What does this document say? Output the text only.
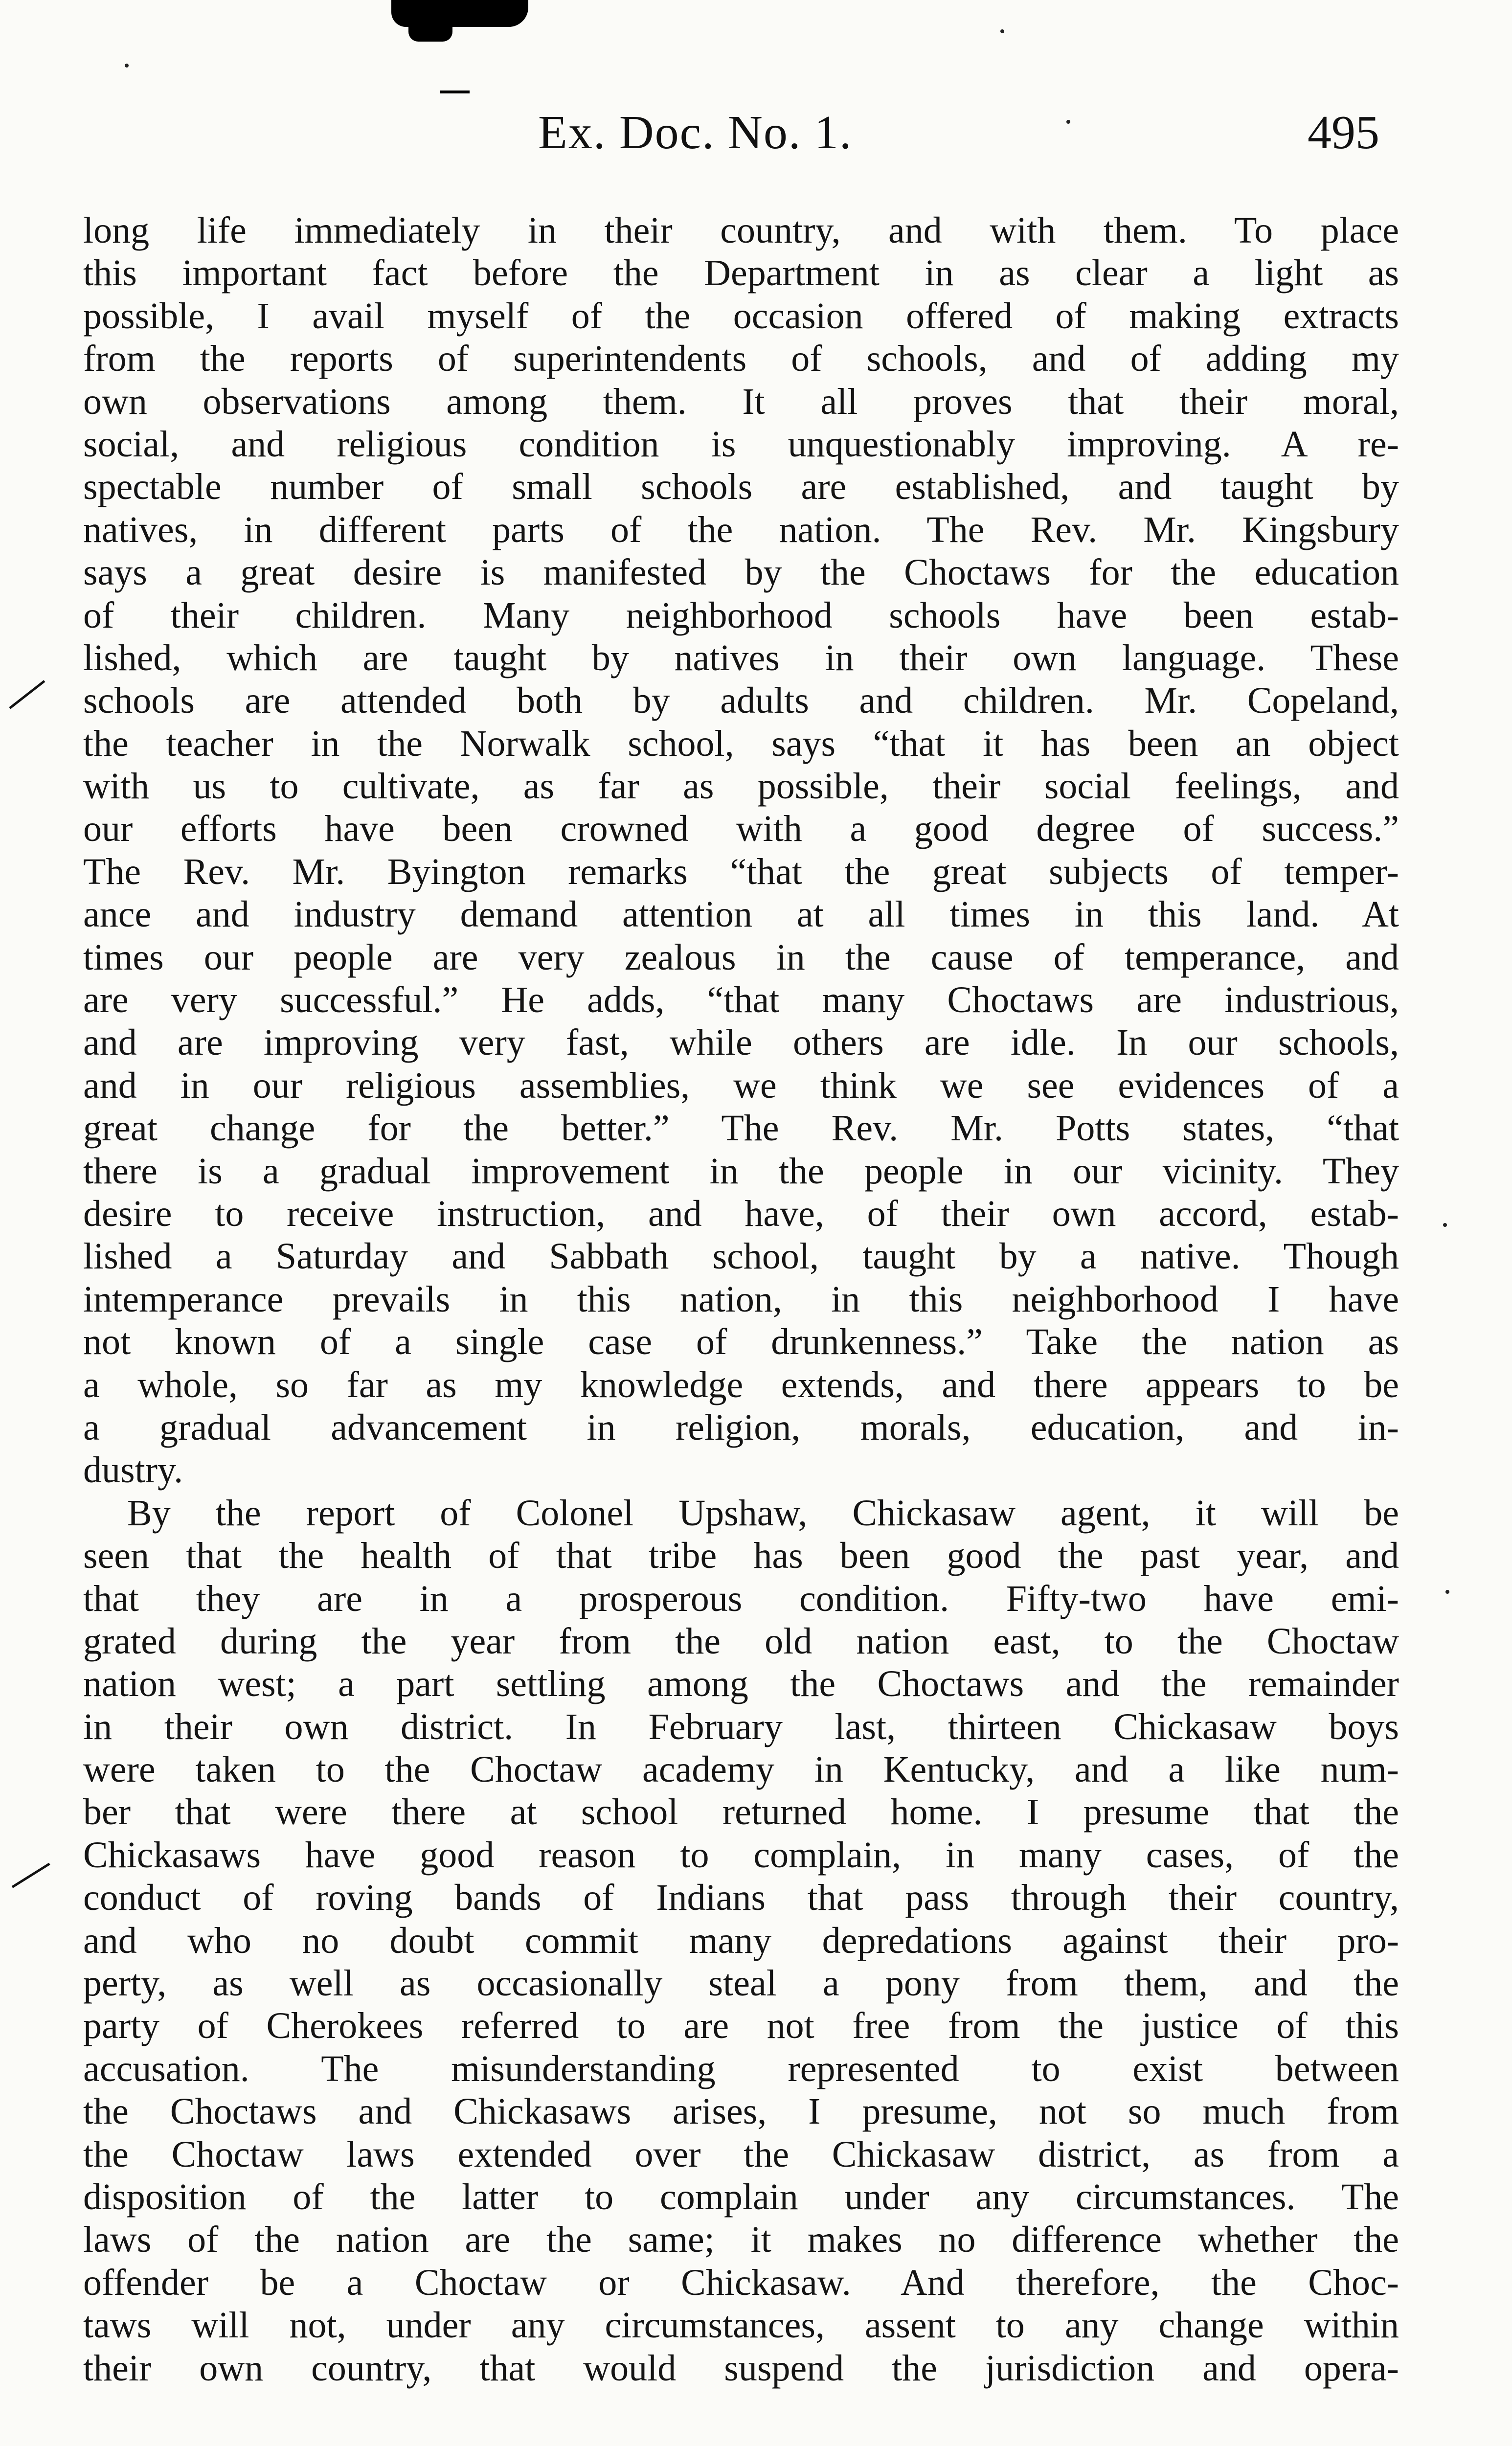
Ex. Doc. No. 1.	495
long life immediately in their country, and with them. To place
this important fact before the Department in as clear a light as
possible, I avail myself of the occasion offered of making extracts
from the reports of superintendents of schools, and of adding my
own observations among them. It all proves that their moral,
social, and religious condition is unquestionably improving. A re-
spectable number of small schools are established, and taught by
natives, in different parts of the nation. The Rev. Mr. Kingsbury
says a great desire is manifested by the Choctaws for the education
of their children. Many neighborhood schools have been estab-
lished, which are taught by natives in their own language. These
schools are attended both by adults and children. Mr. Copeland,
the teacher in the Norwalk school, says “that it has been an object
with us to cultivate, as far as possible, their social feelings, and
our efforts have been crowned with a good degree of success.”
The Rev. Mr. Byington remarks “that the great subjects of temper-
ance and industry demand attention at all times in this land. At
times our people are very zealous in the cause of temperance, and
are very successful.” He adds, “that many Choctaws are industrious,
and are improving very fast, while others are idle. In our schools,
and in our religious assemblies, we think we see evidences of a
great change for the better.” The Rev. Mr. Potts states, “that
there is a gradual improvement in the people in our vicinity. They
desire to receive instruction, and have, of their own accord, estab-
lished a Saturday and Sabbath school, taught by a native. Though
intemperance prevails in this nation, in this neighborhood I have
not known of a single case of drunkenness.” Take the nation as
a whole, so far as my knowledge extends, and there appears to be
a gradual advancement in religion, morals, education, and in-
dustry.
By the report of Colonel Upshaw, Chickasaw agent, it will be
seen that the health of that tribe has been good the past year, and
that they are in a prosperous condition. Fifty-two have emi-
grated during the year from the old nation east, to the Choctaw
nation west; a part settling among the Choctaws and the remainder
in their own district. In February last, thirteen Chickasaw boys
were taken to the Choctaw academy in Kentucky, and a like num-
ber that were there at school returned home. I presume that the
Chickasaws have good reason to complain, in many cases, of the
conduct of roving bands of Indians that pass through their country,
and who no doubt commit many depredations against their pro-
perty, as well as occasionally steal a pony from them, and the
party of Cherokees referred to are not free from the justice of this
accusation. The misunderstanding represented to exist between
the Choctaws and Chickasaws arises, I presume, not so much from
the Choctaw laws extended over the Chickasaw district, as from a
disposition of the latter to complain under any circumstances. The
laws of the nation are the same; it makes no difference whether the
offender be a Choctaw or Chickasaw. And therefore, the Choc-
taws will not, under any circumstances, assent to any change within
their own country, that would suspend the jurisdiction and opera-
